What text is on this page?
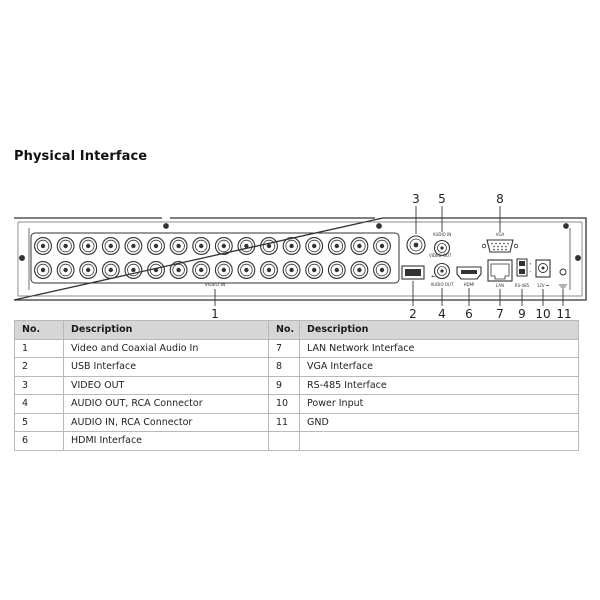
Physical Interface
VIDEO IN
VIDEO OUT
AUDIO IN
⭠
AUDIO OUT	HDMI
VGA
LAN
+
−
RS-485 12V ⎓
3 5	8
1	2 4 6 7 9 10 11
No.	Description	No.	Description
1	Video and Coaxial Audio In	7	LAN Network Interface
2	USB Interface	8	VGA Interface
3	VIDEO OUT	9	RS-485 Interface
4	AUDIO OUT, RCA Connector	10	Power Input
5	AUDIO IN, RCA Connector	11	GND
6	HDMI Interface		
